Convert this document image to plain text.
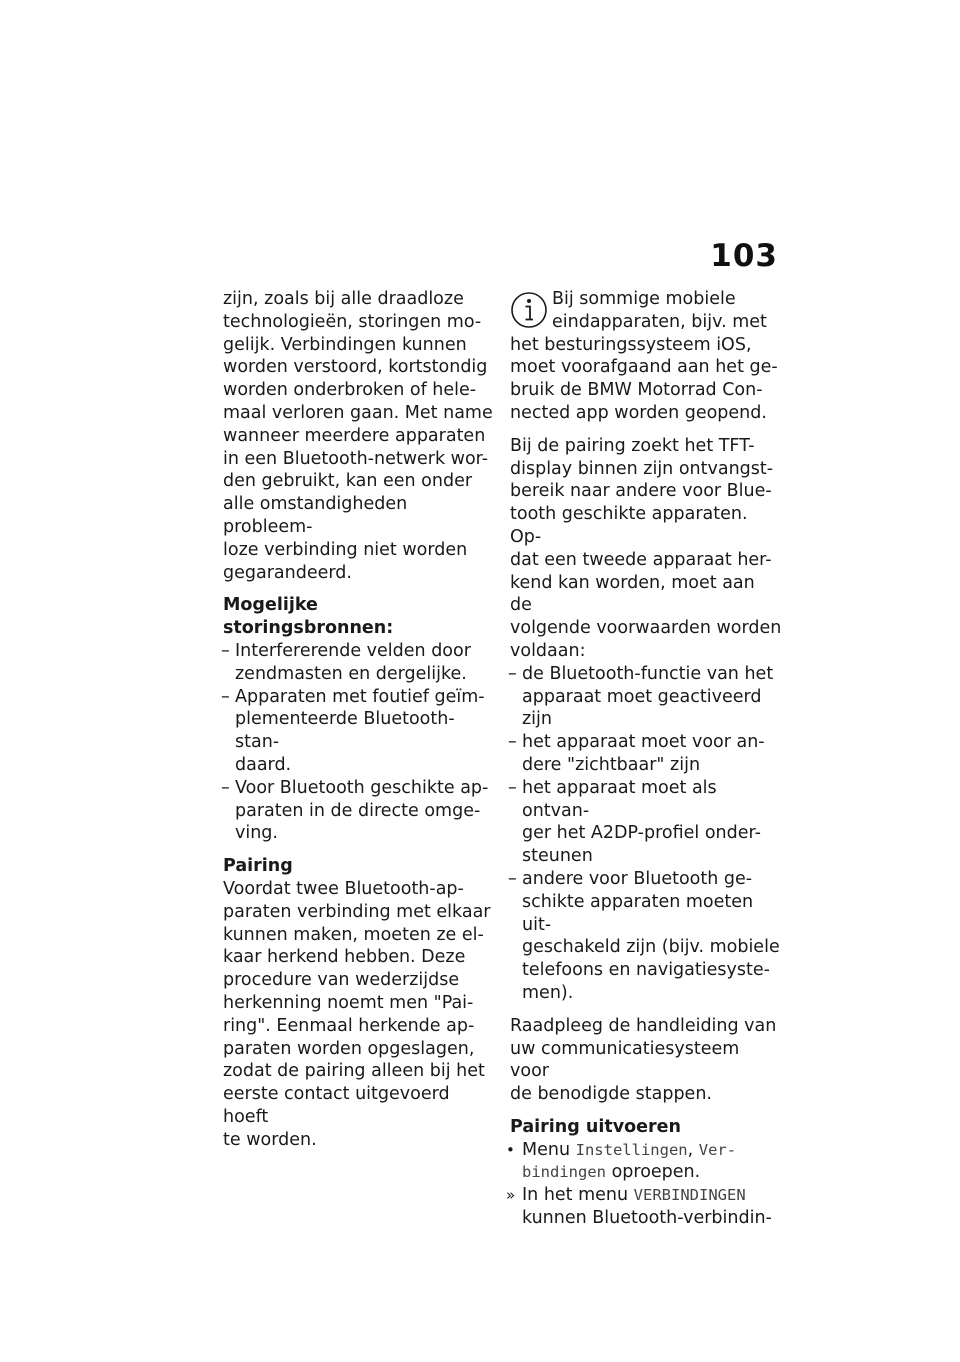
103

zijn, zoals bij alle draadloze
technologieën, storingen mo-
gelijk. Verbindingen kunnen
worden verstoord, kortstondig
worden onderbroken of hele-
maal verloren gaan. Met name
wanneer meerdere apparaten
in een Bluetooth-netwerk wor-
den gebruikt, kan een onder
alle omstandigheden probleem-
loze verbinding niet worden
gegarandeerd.

Mogelijke storingsbronnen:

– Interfererende velden door
zendmasten en dergelijke.
– Apparaten met foutief geïm-
plementeerde Bluetooth-stan-
daard.
– Voor Bluetooth geschikte ap-
paraten in de directe omge-
ving.

Pairing

Voordat twee Bluetooth-ap-
paraten verbinding met elkaar
kunnen maken, moeten ze el-
kaar herkend hebben. Deze
procedure van wederzijdse
herkenning noemt men "Pai-
ring". Eenmaal herkende ap-
paraten worden opgeslagen,
zodat de pairing alleen bij het
eerste contact uitgevoerd hoeft
te worden.

Bij sommige mobiele
eindapparaten, bijv. met

het besturingssysteem iOS,
moet voorafgaand aan het ge-
bruik de BMW Motorrad Con-
nected app worden geopend.

Bij de pairing zoekt het TFT-
display binnen zijn ontvangst-
bereik naar andere voor Blue-
tooth geschikte apparaten. Op-
dat een tweede apparaat her-
kend kan worden, moet aan de
volgende voorwaarden worden
voldaan:

– de Bluetooth-functie van het
apparaat moet geactiveerd
zijn
– het apparaat moet voor an-
dere "zichtbaar" zijn
– het apparaat moet als ontvan-
ger het A2DP-profiel onder-
steunen
– andere voor Bluetooth ge-
schikte apparaten moeten uit-
geschakeld zijn (bijv. mobiele
telefoons en navigatiesyste-
men).

Raadpleeg de handleiding van
uw communicatiesysteem voor
de benodigde stappen.

Pairing uitvoeren

• Menu Instellingen, Ver-
bindingen oproepen.
» In het menu VERBINDINGEN
kunnen Bluetooth-verbindin-
